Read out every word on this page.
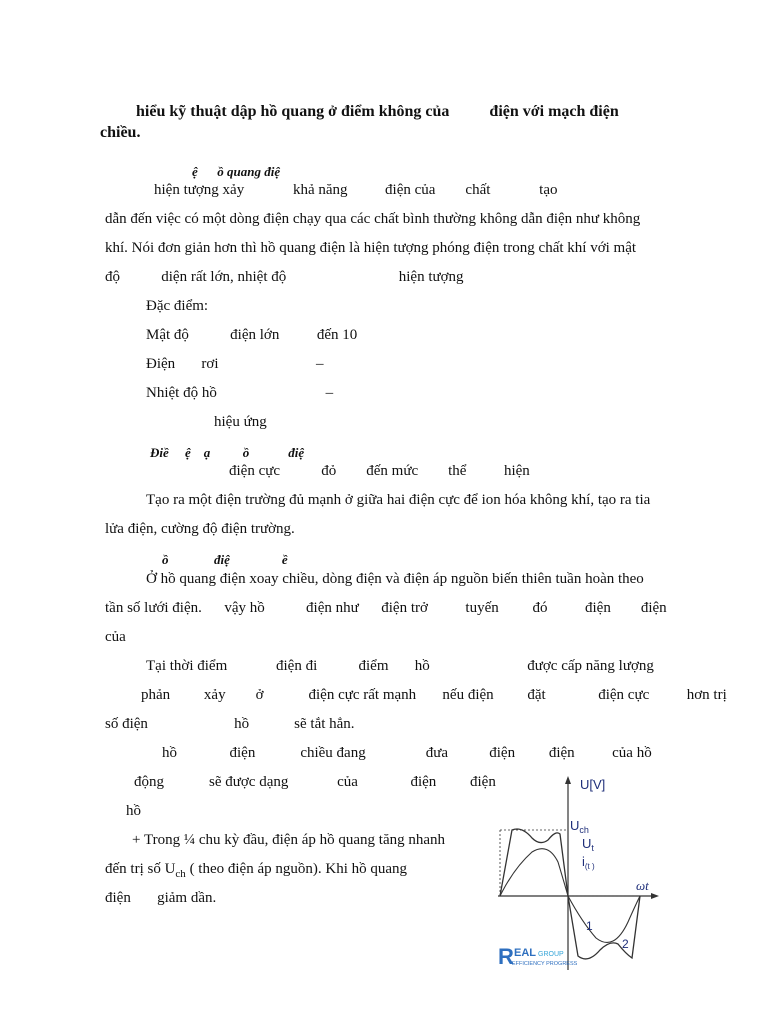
hiểu kỹ thuật dập hồ quang ở điểm không của          điện với mạch điện
chiều.
ệ      ồ quang điệ
hiện tượng xảy             khả năng          điện của        chất             tạo
dẫn đến việc có một dòng điện chạy qua các chất bình thường không dẫn điện như không
khí. Nói đơn giản hơn thì hồ quang điện là hiện tượng phóng điện trong chất khí với mật
độ           diện rất lớn, nhiệt độ                              hiện tượng
Đặc điểm:
Mật độ           điện lớn          đến 10
Điện       rơi                          –
Nhiệt độ hồ                             –
hiệu ứng
Điề     ệ    ạ          ồ            điệ
điện cực           đỏ        đến mức        thể          hiện
Tạo ra một điện trường đủ mạnh ở giữa hai điện cực để ion hóa không khí, tạo ra tia
lửa điện, cường độ điện trường.
ồ              điệ                ề
Ở hồ quang điện xoay chiều, dòng điện và điện áp nguồn biến thiên tuần hoàn theo
tần số lưới điện.      vậy hồ           điện như      điện trở          tuyến         đó          điện        điện
của
Tại thời điểm             điện đi           điểm       hồ                          được cấp năng lượng
phản         xảy        ở            điện cực rất mạnh       nếu điện         đặt              điện cực          hơn trị
số điện                       hồ            sẽ tắt hẳn.
hồ              điện            chiều đang                đưa           điện         điện          của hồ
động            sẽ được dạng             của              điện         điện
hồ
+ Trong ¼ chu kỳ đầu, điện áp hồ quang tăng nhanh
đến trị số $U_{ch}$ ( theo điện áp nguồn). Khi hồ quang
điện       giảm dần.
U[V]
$U_{ch}$
$U_t$
$i_{(t )}$
ωt
1
2
R EAL GROUP
EFFICIENCY PROGRESS
